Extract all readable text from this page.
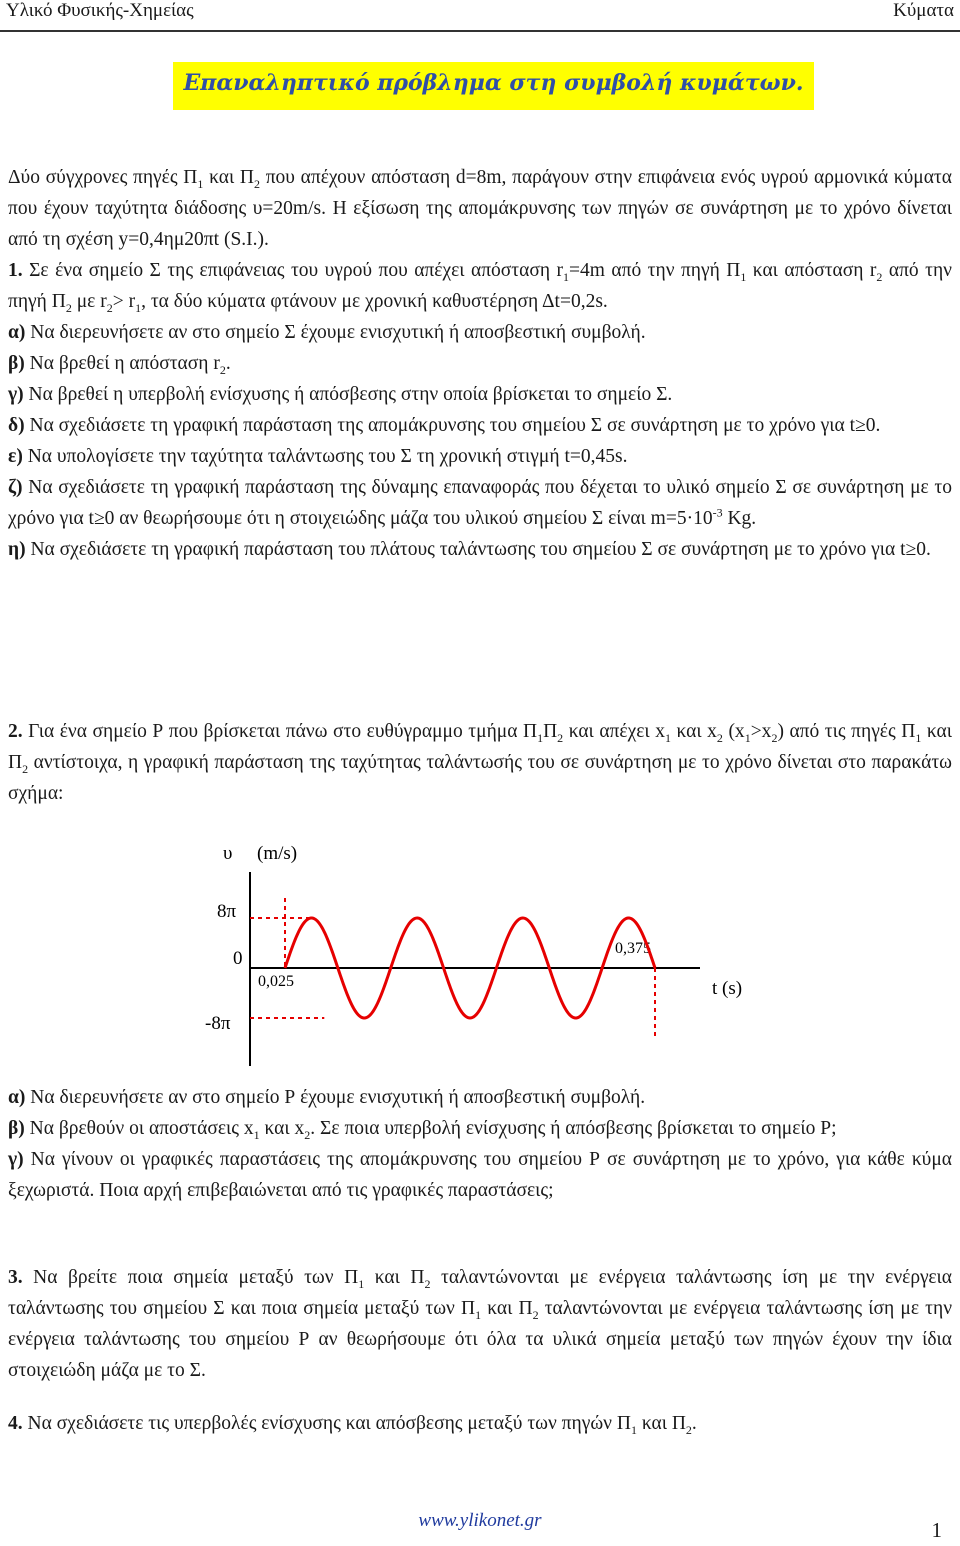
Υλικό Φυσικής-Χημείας	Κύματα
Επαναληπτικό πρόβλημα στη συμβολή κυμάτων.

Δύο σύγχρονες πηγές $\Pi_1$ και $\Pi_2$ που απέχουν απόσταση d=8m, παράγουν στην επιφάνεια ενός υγρού αρμονικά κύματα που έχουν ταχύτητα διάδοσης υ=20m/s. Η εξίσωση της απομάκρυνσης των πηγών σε συνάρτηση με το χρόνο δίνεται από τη σχέση y=0,4ημ20πt (S.I.).

1. Σε ένα σημείο Σ της επιφάνειας του υγρού που απέχει απόσταση $r_1=4m$ από την πηγή $\Pi_1$ και απόσταση $r_2$ από την πηγή $\Pi_2$ με $r_2> r_1$, τα δύο κύματα φτάνουν με χρονική καθυστέρηση Δt=0,2s.

α) Να διερευνήσετε αν στο σημείο Σ έχουμε ενισχυτική ή αποσβεστική συμβολή.

β) Να βρεθεί η απόσταση $r_2$.

γ) Να βρεθεί η υπερβολή ενίσχυσης ή απόσβεσης στην οποία βρίσκεται το σημείο Σ.

δ) Να σχεδιάσετε τη γραφική παράσταση της απομάκρυνσης του σημείου Σ σε συνάρτηση με το χρόνο για t≥0.

ε) Να υπολογίσετε την ταχύτητα ταλάντωσης του Σ τη χρονική στιγμή t=0,45s.

ζ) Να σχεδιάσετε τη γραφική παράσταση της δύναμης επαναφοράς που δέχεται το υλικό σημείο Σ σε συνάρτηση με το χρόνο για t≥0 αν θεωρήσουμε ότι η στοιχειώδης μάζα του υλικού σημείου Σ είναι $m=5\cdot 10^{-3}$ Kg.

η) Να σχεδιάσετε τη γραφική παράσταση του πλάτους ταλάντωσης του σημείου Σ σε συνάρτηση με το χρόνο για t≥0.

2. Για ένα σημείο Ρ που βρίσκεται πάνω στο ευθύγραμμο τμήμα $\Pi_1\Pi_2$ και απέχει $x_1$ και $x_2$ $(x_1>x_2)$ από τις πηγές $\Pi_1$ και $\Pi_2$ αντίστοιχα, η γραφική παράσταση της ταχύτητας ταλάντωσής του σε συνάρτηση με το χρόνο δίνεται στο παρακάτω σχήμα:

υ (m/s)
8π
0
-8π
0,025
0,375
t (s)

α) Να διερευνήσετε αν στο σημείο Ρ έχουμε ενισχυτική ή αποσβεστική συμβολή.

β) Να βρεθούν οι αποστάσεις $x_1$ και $x_2$. Σε ποια υπερβολή ενίσχυσης ή απόσβεσης βρίσκεται το σημείο Ρ;

γ) Να γίνουν οι γραφικές παραστάσεις της απομάκρυνσης του σημείου Ρ σε συνάρτηση με το χρόνο, για κάθε κύμα ξεχωριστά. Ποια αρχή επιβεβαιώνεται από τις γραφικές παραστάσεις;

3. Να βρείτε ποια σημεία μεταξύ των $\Pi_1$ και $\Pi_2$ ταλαντώνονται με ενέργεια ταλάντωσης ίση με την ενέργεια ταλάντωσης του σημείου Σ και ποια σημεία μεταξύ των $\Pi_1$ και $\Pi_2$ ταλαντώνονται με ενέργεια ταλάντωσης ίση με την ενέργεια ταλάντωσης του σημείου Ρ αν θεωρήσουμε ότι όλα τα υλικά σημεία μεταξύ των πηγών έχουν την ίδια στοιχειώδη μάζα με το Σ.

4. Να σχεδιάσετε τις υπερβολές ενίσχυσης και απόσβεσης μεταξύ των πηγών $\Pi_1$ και $\Pi_2$.

www.ylikonet.gr	1
